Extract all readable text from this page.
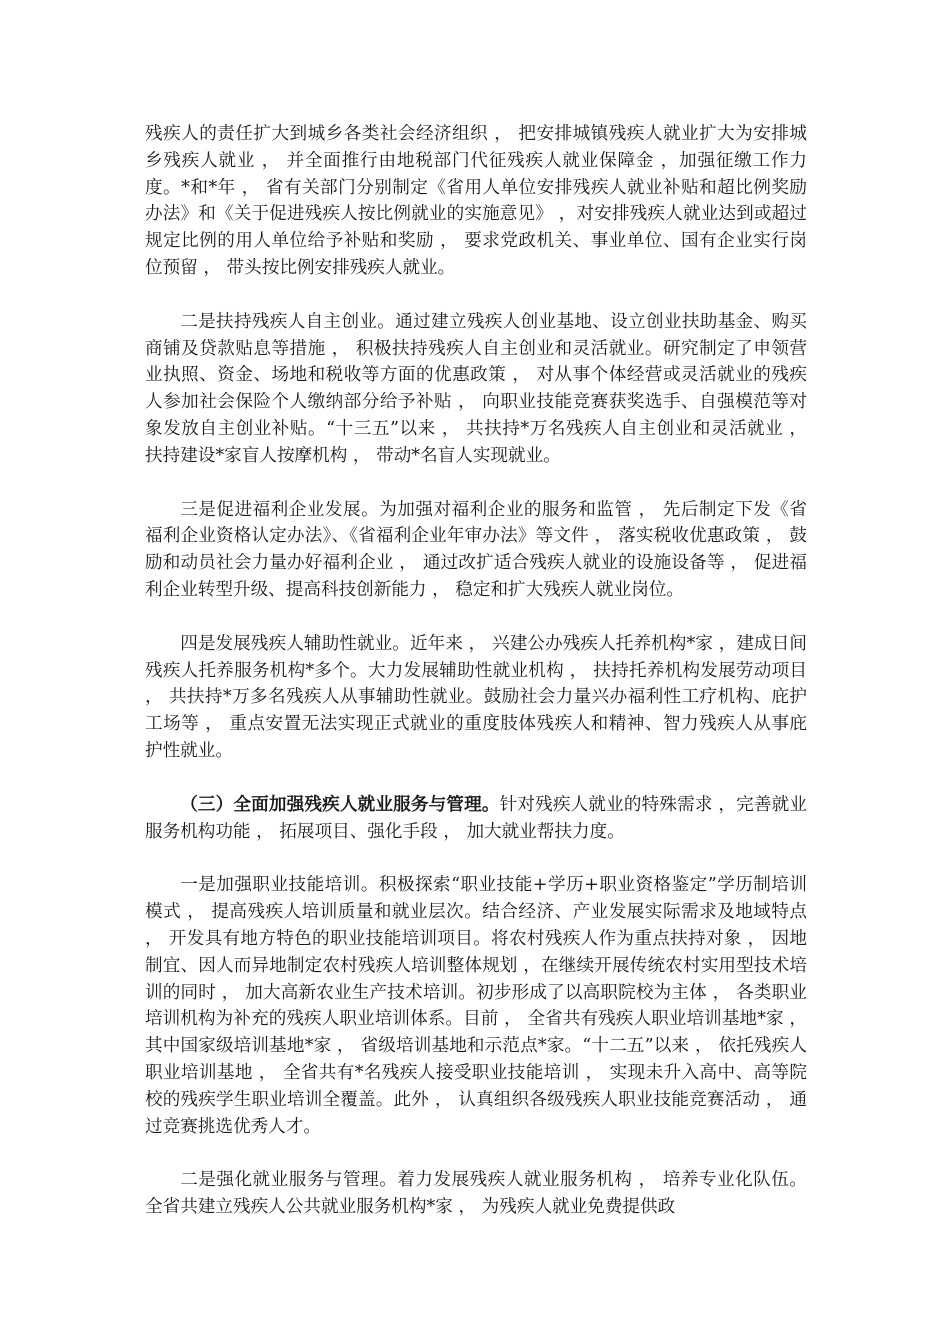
残疾人的责任扩大到城乡各类社会经济组织 ， 把安排城镇残疾人就业扩大为安排城乡残疾人就业 ， 并全面推行由地税部门代征残疾人就业保障金 ，加强征缴工作力度。*和*年 ， 省有关部门分别制定《省用人单位安排残疾人就业补贴和超比例奖励办法》和《关于促进残疾人按比例就业的实施意见》 ，对安排残疾人就业达到或超过规定比例的用人单位给予补贴和奖励 ， 要求党政机关、事业单位、国有企业实行岗位预留 ， 带头按比例安排残疾人就业。

二是扶持残疾人自主创业。通过建立残疾人创业基地、设立创业扶助基金、购买商铺及贷款贴息等措施 ， 积极扶持残疾人自主创业和灵活就业。研究制定了申领营业执照、资金、场地和税收等方面的优惠政策 ， 对从事个体经营或灵活就业的残疾人参加社会保险个人缴纳部分给予补贴 ， 向职业技能竞赛获奖选手、自强模范等对象发放自主创业补贴。“十三五”以来 ， 共扶持*万名残疾人自主创业和灵活就业 ， 扶持建设*家盲人按摩机构 ， 带动*名盲人实现就业。

三是促进福利企业发展。为加强对福利企业的服务和监管 ， 先后制定下发《省福利企业资格认定办法》、《省福利企业年审办法》等文件 ， 落实税收优惠政策 ， 鼓励和动员社会力量办好福利企业 ， 通过改扩适合残疾人就业的设施设备等 ， 促进福利企业转型升级、提高科技创新能力 ， 稳定和扩大残疾人就业岗位。

四是发展残疾人辅助性就业。近年来 ， 兴建公办残疾人托养机构*家 ，建成日间残疾人托养服务机构*多个。大力发展辅助性就业机构 ， 扶持托养机构发展劳动项目 ， 共扶持*万多名残疾人从事辅助性就业。鼓励社会力量兴办福利性工疗机构、庇护工场等 ， 重点安置无法实现正式就业的重度肢体残疾人和精神、智力残疾人从事庇护性就业。

（三）全面加强残疾人就业服务与管理。针对残疾人就业的特殊需求 ，完善就业服务机构功能 ， 拓展项目、强化手段 ， 加大就业帮扶力度。

一是加强职业技能培训。积极探索“职业技能+学历+职业资格鉴定”学历制培训模式 ， 提高残疾人培训质量和就业层次。结合经济、产业发展实际需求及地域特点 ， 开发具有地方特色的职业技能培训项目。将农村残疾人作为重点扶持对象 ， 因地制宜、因人而异地制定农村残疾人培训整体规划 ，在继续开展传统农村实用型技术培训的同时 ， 加大高新农业生产技术培训。初步形成了以高职院校为主体 ， 各类职业培训机构为补充的残疾人职业培训体系。目前 ， 全省共有残疾人职业培训基地*家 ， 其中国家级培训基地*家 ， 省级培训基地和示范点*家。“十二五”以来 ， 依托残疾人职业培训基地 ， 全省共有*名残疾人接受职业技能培训 ， 实现未升入高中、高等院校的残疾学生职业培训全覆盖。此外 ， 认真组织各级残疾人职业技能竞赛活动 ， 通过竞赛挑选优秀人才。

二是强化就业服务与管理。着力发展残疾人就业服务机构 ， 培养专业化队伍。全省共建立残疾人公共就业服务机构*家 ， 为残疾人就业免费提供政
